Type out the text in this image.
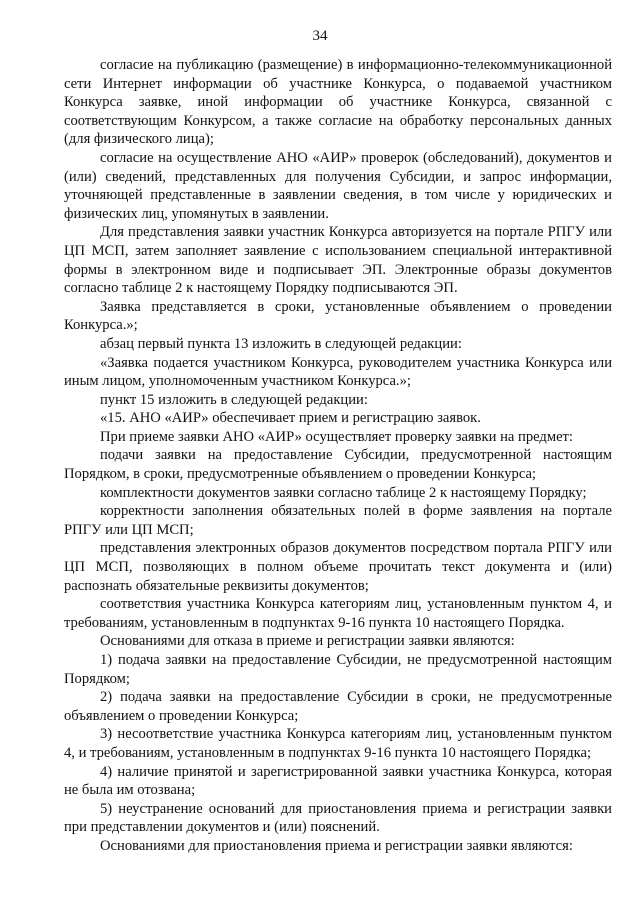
34

согласие на публикацию (размещение) в информационно-телекоммуникационной сети Интернет информации об участнике Конкурса, о подаваемой участником Конкурса заявке, иной информации об участнике Конкурса, связанной с соответствующим Конкурсом, а также согласие на обработку персональных данных (для физического лица);

согласие на осуществление АНО «АИР» проверок (обследований), документов и (или) сведений, представленных для получения Субсидии, и запрос информации, уточняющей представленные в заявлении сведения, в том числе у юридических и физических лиц, упомянутых в заявлении.

Для представления заявки участник Конкурса авторизуется на портале РПГУ или ЦП МСП, затем заполняет заявление с использованием специальной интерактивной формы в электронном виде и подписывает ЭП. Электронные образы документов согласно таблице 2 к настоящему Порядку подписываются ЭП.

Заявка представляется в сроки, установленные объявлением о проведении Конкурса.»;

абзац первый пункта 13 изложить в следующей редакции:

«Заявка подается участником Конкурса, руководителем участника Конкурса или иным лицом, уполномоченным участником Конкурса.»;

пункт 15 изложить в следующей редакции:

«15. АНО «АИР» обеспечивает прием и регистрацию заявок.

При приеме заявки АНО «АИР» осуществляет проверку заявки на предмет:

подачи заявки на предоставление Субсидии, предусмотренной настоящим Порядком, в сроки, предусмотренные объявлением о проведении Конкурса;

комплектности документов заявки согласно таблице 2 к настоящему Порядку;

корректности заполнения обязательных полей в форме заявления на портале РПГУ или ЦП МСП;

представления электронных образов документов посредством портала РПГУ или ЦП МСП, позволяющих в полном объеме прочитать текст документа и (или) распознать обязательные реквизиты документов;

соответствия участника Конкурса категориям лиц, установленным пунктом 4, и требованиям, установленным в подпунктах 9-16 пункта 10 настоящего Порядка.

Основаниями для отказа в приеме и регистрации заявки являются:

1) подача заявки на предоставление Субсидии, не предусмотренной настоящим Порядком;

2) подача заявки на предоставление Субсидии в сроки, не предусмотренные объявлением о проведении Конкурса;

3) несоответствие участника Конкурса категориям лиц, установленным пунктом 4, и требованиям, установленным в подпунктах 9-16 пункта 10 настоящего Порядка;

4) наличие принятой и зарегистрированной заявки участника Конкурса, которая не была им отозвана;

5) неустранение оснований для приостановления приема и регистрации заявки при представлении документов и (или) пояснений.

Основаниями для приостановления приема и регистрации заявки являются:
